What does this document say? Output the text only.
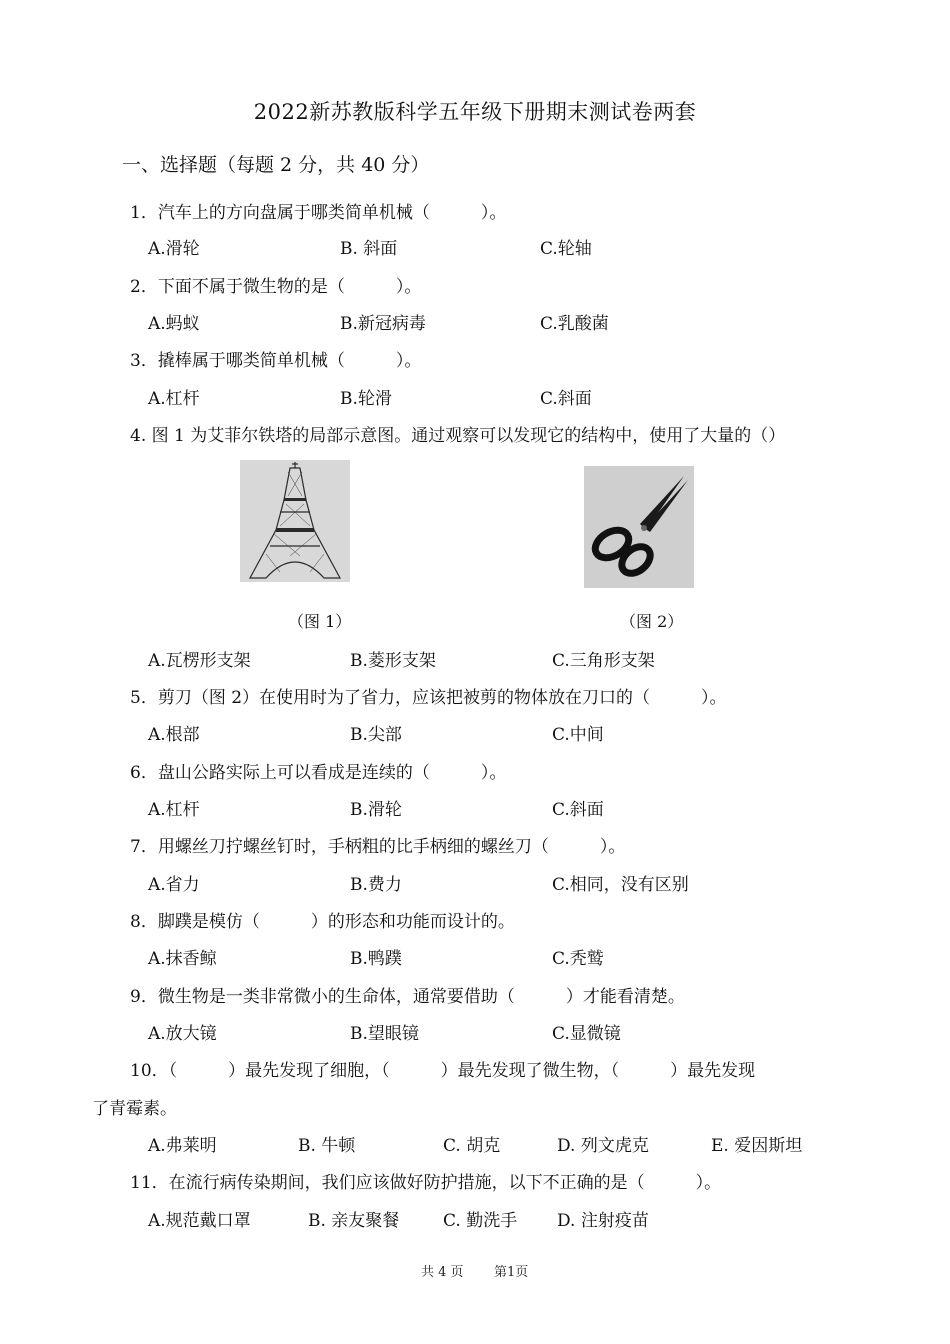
2022新苏教版科学五年级下册期末测试卷两套
一、选择题（每题 2 分，共 40 分）
1．汽车上的方向盘属于哪类简单机械（　　　）。
A.滑轮	B. 斜面	C.轮轴
2．下面不属于微生物的是（　　　）。
A.蚂蚁	B.新冠病毒	C.乳酸菌
3．撬棒属于哪类简单机械（　　　）。
A.杠杆	B.轮滑	C.斜面
4. 图 1 为艾菲尔铁塔的局部示意图。通过观察可以发现它的结构中，使用了大量的（）
（图 1）	（图 2）
A.瓦楞形支架	B.菱形支架	C.三角形支架
5．剪刀（图 2）在使用时为了省力，应该把被剪的物体放在刀口的（　　　）。
A.根部	B.尖部	C.中间
6．盘山公路实际上可以看成是连续的（　　　）。
A.杠杆	B.滑轮	C.斜面
7．用螺丝刀拧螺丝钉时，手柄粗的比手柄细的螺丝刀（　　　）。
A.省力	B.费力	C.相同，没有区别
8．脚蹼是模仿（　　　）的形态和功能而设计的。
A.抹香鲸	B.鸭蹼	C.秃鹫
9．微生物是一类非常微小的生命体，通常要借助（　　　）才能看清楚。
A.放大镜	B.望眼镜	C.显微镜
10．（　　　）最先发现了细胞，（　　　）最先发现了微生物，（　　　）最先发现
了青霉素。
A.弗莱明	B. 牛顿	C. 胡克	D. 列文虎克	E. 爱因斯坦
11．在流行病传染期间，我们应该做好防护措施，以下不正确的是（　　　）。
A.规范戴口罩	B. 亲友聚餐	C. 勤洗手 D. 注射疫苗
共 4 页 第1页
